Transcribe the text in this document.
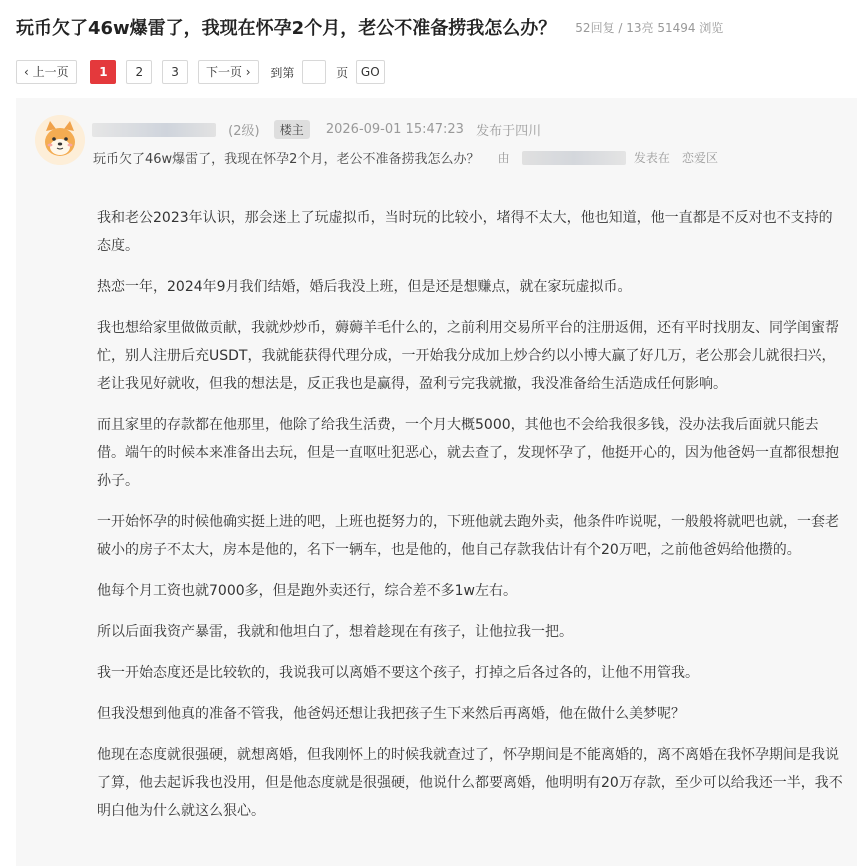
玩币欠了46w爆雷了，我现在怀孕2个月，老公不准备捞我怎么办？ 52回复 / 13亮 51494 浏览
‹ 上一页	1 2 3 下一页 › 到第	页 GO
(2级) 楼主 2026-09-01 15:47:23 发布于四川
玩币欠了46w爆雷了，我现在怀孕2个月，老公不准备捞我怎么办？ 由	发表在 恋爱区

我和老公2023年认识，那会迷上了玩虚拟币，当时玩的比较小，堵得不太大，他也知道，他一直都是不反对也不支持的态度。

热恋一年，2024年9月我们结婚，婚后我没上班，但是还是想赚点，就在家玩虚拟币。

我也想给家里做做贡献，我就炒炒币，薅薅羊毛什么的，之前利用交易所平台的注册返佣，还有平时找朋友、同学闺蜜帮忙，别人注册后充USDT，我就能获得代理分成，一开始我分成加上炒合约以小博大赢了好几万，老公那会儿就很扫兴，老让我见好就收，但我的想法是，反正我也是赢得，盈利亏完我就撤，我没准备给生活造成任何影响。

而且家里的存款都在他那里，他除了给我生活费，一个月大概5000，其他也不会给我很多钱，没办法我后面就只能去借。端午的时候本来准备出去玩，但是一直呕吐犯恶心，就去查了，发现怀孕了，他挺开心的，因为他爸妈一直都很想抱孙子。

一开始怀孕的时候他确实挺上进的吧，上班也挺努力的，下班他就去跑外卖，他条件咋说呢，一般般将就吧也就，一套老破小的房子不太大，房本是他的，名下一辆车，也是他的，他自己存款我估计有个20万吧，之前他爸妈给他攒的。

他每个月工资也就7000多，但是跑外卖还行，综合差不多1w左右。

所以后面我资产暴雷，我就和他坦白了，想着趁现在有孩子，让他拉我一把。

我一开始态度还是比较软的，我说我可以离婚不要这个孩子，打掉之后各过各的，让他不用管我。

但我没想到他真的准备不管我，他爸妈还想让我把孩子生下来然后再离婚，他在做什么美梦呢？

他现在态度就很强硬，就想离婚，但我刚怀上的时候我就查过了，怀孕期间是不能离婚的，离不离婚在我怀孕期间是我说了算，他去起诉我也没用，但是他态度就是很强硬，他说什么都要离婚，他明明有20万存款，至少可以给我还一半，我不明白他为什么就这么狠心。
